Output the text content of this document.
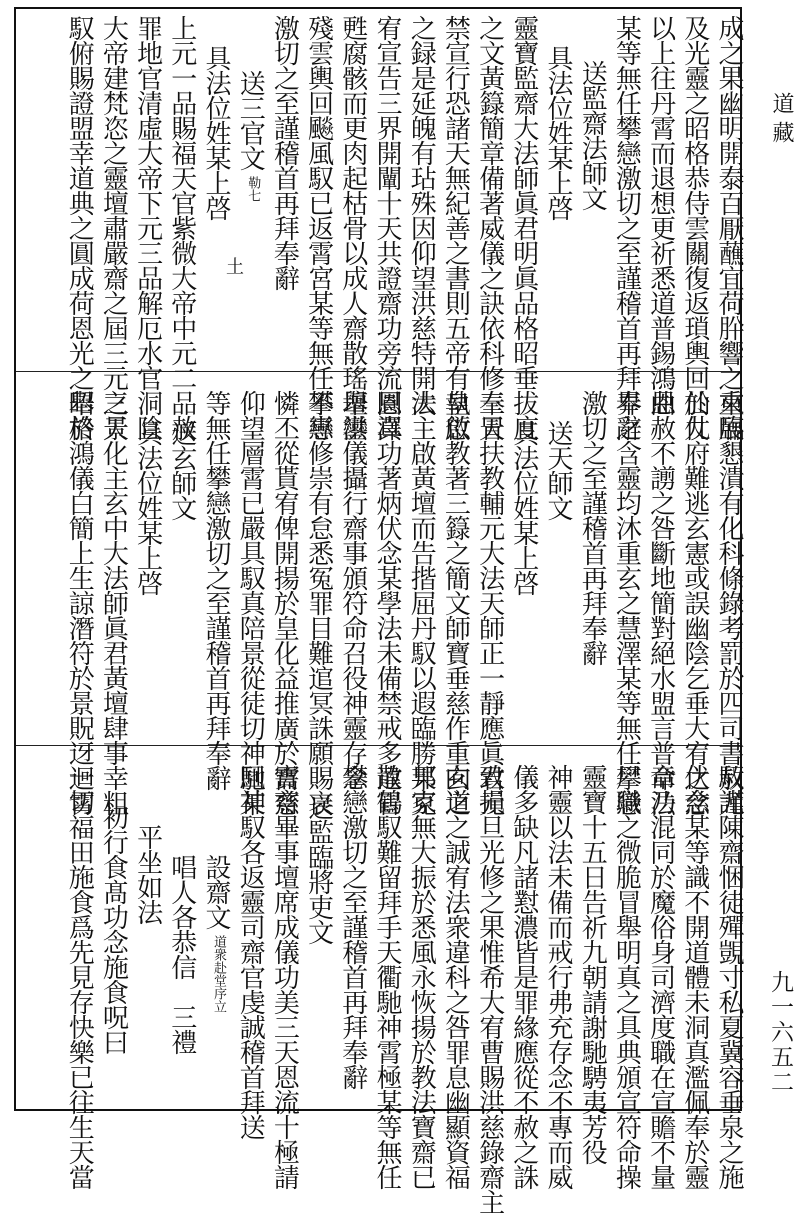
成之果幽明開泰百厭蘸宜荷肸響之來臨
及光靈之昭格恭侍雲關復返瑣輿回仙仗
以上往丹霄而退想更祈悉道普錫鴻恩
某等無任攀戀激切之至謹稽首再拜奉辭
送監齋法師文
具法位姓某上啓
靈寶監齋大法師眞君明眞品格昭垂拔度
之文黃籙簡章備著威儀之訣依科修奉冒
禁宣行恐諸天無紀善之書則五帝有執愆
之録是延魄有玷殊因仰望洪慈特開大
宥宣告三界開闡十天共證齋功旁流恩澤
甦腐骸而更肉起枯骨以成人齋散瑤壇鑾
殘雲輿回飈風馭已返霄宮某等無任攀戀
激切之至謹稽首再拜奉辭
送三官文
勒七
具法位姓某上啓
上元一品賜福天官紫微大帝中元二品赦
罪地官清虛大帝下元三品解厄水官洞陰
大帝建梵恣之靈壇肅嚴齋之屆三元之景
馭俯賜證盟幸道典之圓成荷恩光之昭格	土
重展懇潰有化科條錄考罰於四司書赦尤
於九府難逃玄憲或誤幽陰乞垂大宥之慈
曲赦不謭之咎斷地簡對絕水盟言普命法
界之含靈均沐重玄之慧澤某等無任攀戀
激切之至謹稽首再拜奉辭
送天師文
具法位姓某上啓
三天扶教輔元大法天師正一靜應眞君元
皇啟教著三籙之簡文師寶垂慈作重玄之
法主啟黃壇而告揩屈丹馭以遐臨勝果克
圓真功著炳伏念某學法未備禁戒多違冒
舉洪儀攝行齋事頒符命召役神靈存念
不專修崇有怠悉冤罪目難逭冥誅願賜哀
憐丕從貰宥俾開揚於皇化益推廣於需慈
仰望層霄已嚴具馭真陪景從徒切神馳某
等無任攀戀激切之至謹稽首再拜奉辭
送玄師文
具法位姓某上啓
三天化主玄中大法師眞君黃壇肆事幸粗
舉於鴻儀白簡上生諒潛符於景貺迓迴霄
馭謹陳齋悃徒殫覬寸私夏冀容垂泉之施
伏念某等識不開道體未洞真濫佩奉於靈
章乃混同於魔俗身司濟度職在宣贍不量
尸職之微脆冒舉明真之具典頒宣符命操
靈寶十五日告祈九朝請謝馳騁夷芳役
神靈以法未備而戒行弗充存念不專而威
儀多缺凡諸懟濃皆是罪緣應從不赦之誅
致損旦光修之果惟希大宥曹賜洪慈錄齋主
向道之誠宥法衆違科之咎罪息幽顯資福
邦家無大振於悉風永恢揚於教法寶齋已
散鶴馭難留拜手天衢馳神霄極某等無任
攀戀激切之至謹稽首再拜奉辭
送監臨將吏文
寶齋畢事壇席成儀功美三天恩流十極請
回神馭各返靈司齋官虔誠稽首拜送
設齋文
道衆赴堂序立
唱人各恭信　三禮
平坐如法
初行食髙功念施食呪曰
一切福田施食爲先見存快樂已往生天當
道 藏
九一六五二
